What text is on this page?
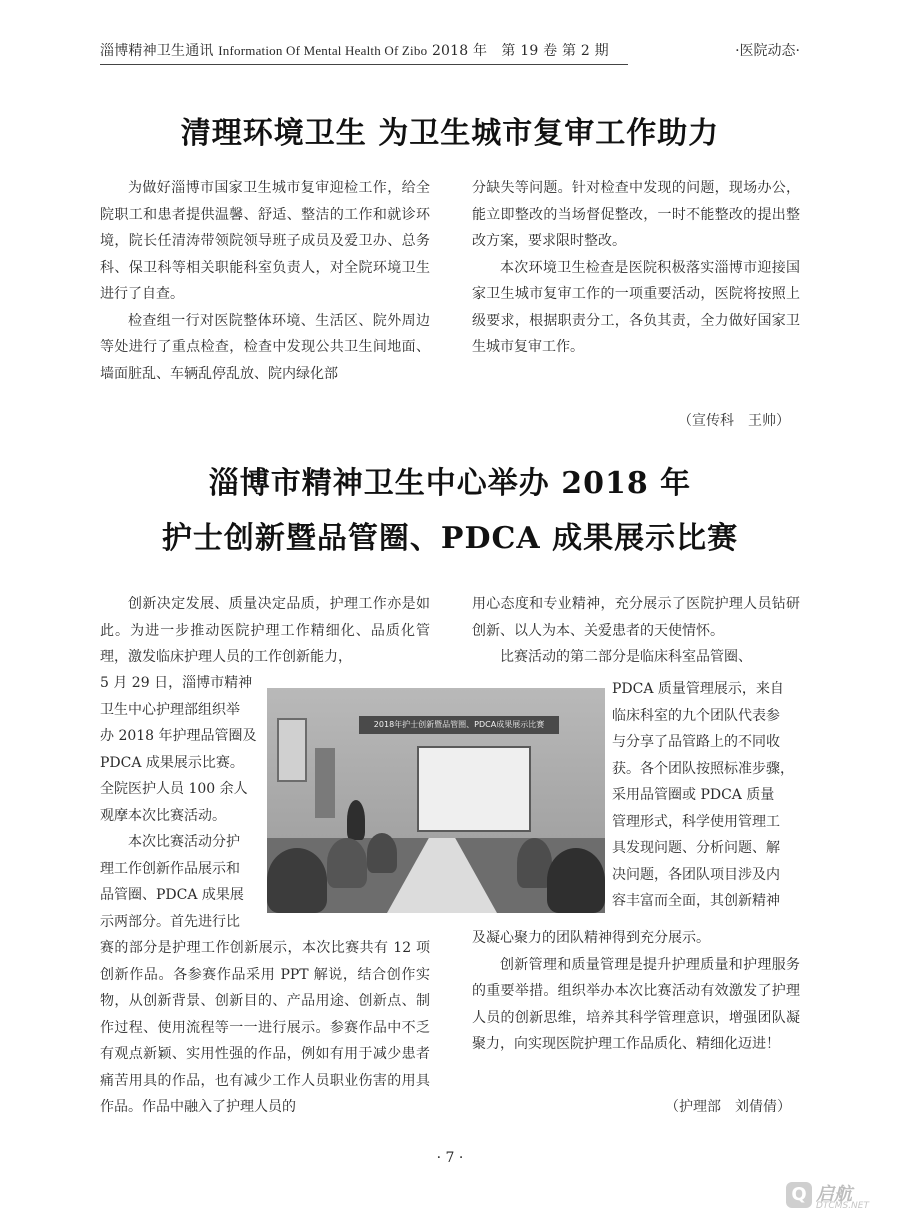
淄博精神卫生通讯 Information Of Mental Health Of Zibo 2018 年　第 19 卷 第 2 期	·医院动态·
清理环境卫生 为卫生城市复审工作助力

为做好淄博市国家卫生城市复审迎检工作，给全院职工和患者提供温馨、舒适、整洁的工作和就诊环境，院长任清涛带领院领导班子成员及爱卫办、总务科、保卫科等相关职能科室负责人，对全院环境卫生进行了自查。

检查组一行对医院整体环境、生活区、院外周边等处进行了重点检查，检查中发现公共卫生间地面、墙面脏乱、车辆乱停乱放、院内绿化部

分缺失等问题。针对检查中发现的问题，现场办公，能立即整改的当场督促整改，一时不能整改的提出整改方案，要求限时整改。

本次环境卫生检查是医院积极落实淄博市迎接国家卫生城市复审工作的一项重要活动，医院将按照上级要求，根据职责分工，各负其责，全力做好国家卫生城市复审工作。

（宣传科　王帅）
淄博市精神卫生中心举办 2018 年
护士创新暨品管圈、PDCA 成果展示比赛

创新决定发展、质量决定品质，护理工作亦是如此。为进一步推动医院护理工作精细化、品质化管理，激发临床护理人员的工作创新能力，

5 月 29 日，淄博市精神
卫生中心护理部组织举
办 2018 年护理品管圈及
PDCA 成果展示比赛。
全院医护人员 100 余人
观摩本次比赛活动。
　　本次比赛活动分护
理工作创新作品展示和
品管圈、PDCA 成果展
示两部分。首先进行比

赛的部分是护理工作创新展示，本次比赛共有 12 项创新作品。各参赛作品采用 PPT 解说，结合创作实物，从创新背景、创新目的、产品用途、创新点、制作过程、使用流程等一一进行展示。参赛作品中不乏有观点新颖、实用性强的作品，例如有用于减少患者痛苦用具的作品，也有减少工作人员职业伤害的用具作品。作品中融入了护理人员的

用心态度和专业精神，充分展示了医院护理人员钻研创新、以人为本、关爱患者的天使情怀。

比赛活动的第二部分是临床科室品管圈、

PDCA 质量管理展示，来自
临床科室的九个团队代表参
与分享了品管路上的不同收
获。各个团队按照标准步骤，
采用品管圈或 PDCA 质量
管理形式，科学使用管理工
具发现问题、分析问题、解
决问题，各团队项目涉及内
容丰富而全面，其创新精神

及凝心聚力的团队精神得到充分展示。

创新管理和质量管理是提升护理质量和护理服务的重要举措。组织举办本次比赛活动有效激发了护理人员的创新思维，培养其科学管理意识，增强团队凝聚力，向实现医院护理工作品质化、精细化迈进！

（护理部　刘倩倩）
2018年护士创新暨品管圈、PDCA成果展示比赛
· 7 ·
Q 启航
DTCMS.NET
